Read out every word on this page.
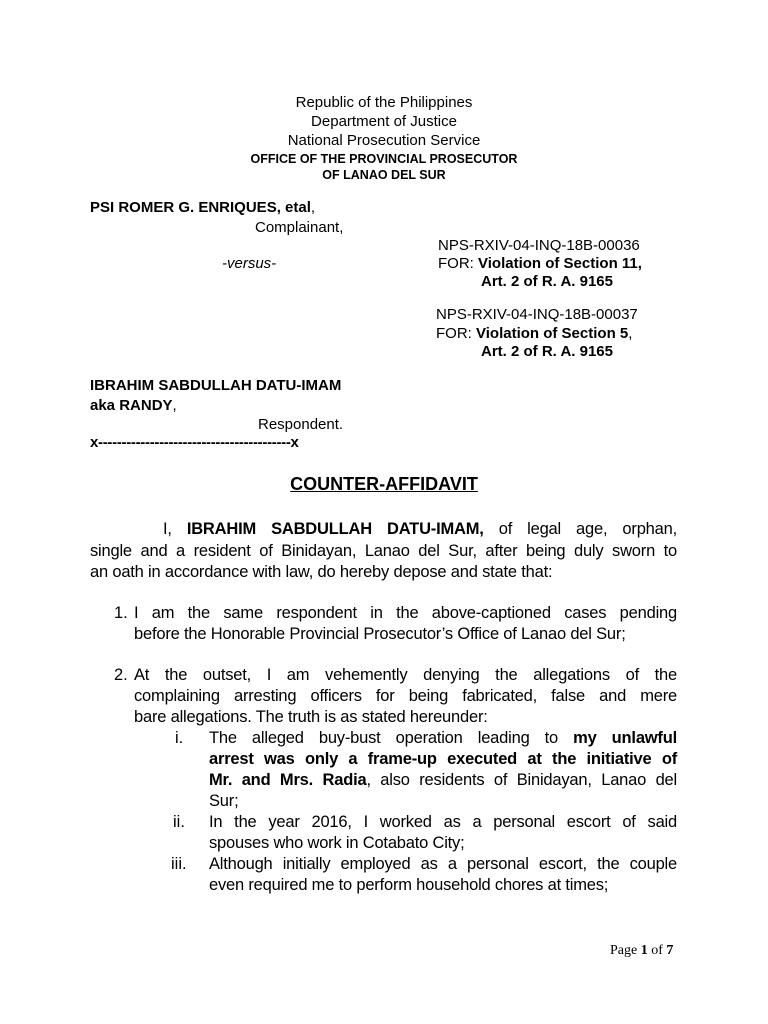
Republic of the Philippines
Department of Justice
National Prosecution Service
OFFICE OF THE PROVINCIAL PROSECUTOR
OF LANAO DEL SUR
PSI ROMER G. ENRIQUES, etal,
Complainant,
NPS-RXIV-04-INQ-18B-00036
-versus-	FOR: Violation of Section 11,
Art. 2 of R. A. 9165
NPS-RXIV-04-INQ-18B-00037
FOR: Violation of Section 5,
Art. 2 of R. A. 9165
IBRAHIM SABDULLAH DATU-IMAM
aka RANDY,
Respondent.
x-----------------------------------------x
COUNTER-AFFIDAVIT
I, IBRAHIM SABDULLAH DATU-IMAM, of legal age, orphan,
single and a resident of Binidayan, Lanao del Sur, after being duly sworn to
an oath in accordance with law, do hereby depose and state that:
1. I am the same respondent in the above-captioned cases pending
before the Honorable Provincial Prosecutor’s Office of Lanao del Sur;
2. At the outset, I am vehemently denying the allegations of the
complaining arresting officers for being fabricated, false and mere
bare allegations. The truth is as stated hereunder:
i. The alleged buy-bust operation leading to my unlawful
arrest was only a frame-up executed at the initiative of
Mr. and Mrs. Radia, also residents of Binidayan, Lanao del
Sur;
ii. In the year 2016, I worked as a personal escort of said
spouses who work in Cotabato City;
iii. Although initially employed as a personal escort, the couple
even required me to perform household chores at times;
Page 1 of 7
